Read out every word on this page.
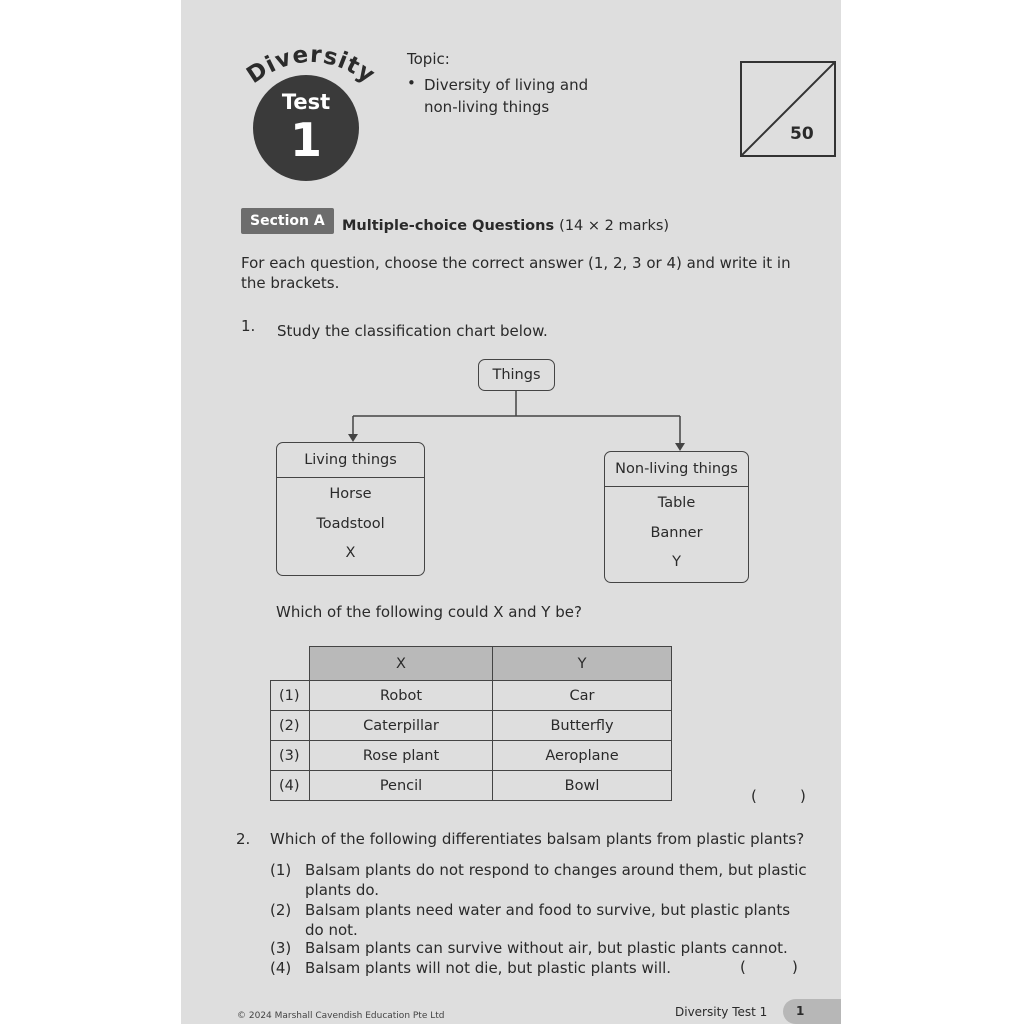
Diversity
Test
1
Topic:
• Diversity of living and
non-living things
50
Section A	Multiple-choice Questions (14 × 2 marks)
For each question, choose the correct answer (1, 2, 3 or 4) and write it in
the brackets.
1. Study the classification chart below.
Things
Living things
Horse
Toadstool
X
Non-living things
Table
Banner
Y
Which of the following could X and Y be?
	X	Y
(1)	Robot	Car
(2)	Caterpillar	Butterfly
(3)	Rose plant	Aeroplane
(4)	Pencil	Bowl
(	)
2. Which of the following differentiates balsam plants from plastic plants?
(1) Balsam plants do not respond to changes around them, but plastic
plants do.
(2) Balsam plants need water and food to survive, but plastic plants
do not.
(3) Balsam plants can survive without air, but plastic plants cannot.
(4) Balsam plants will not die, but plastic plants will.	(	)
© 2024 Marshall Cavendish Education Pte Ltd	Diversity Test 1 1
